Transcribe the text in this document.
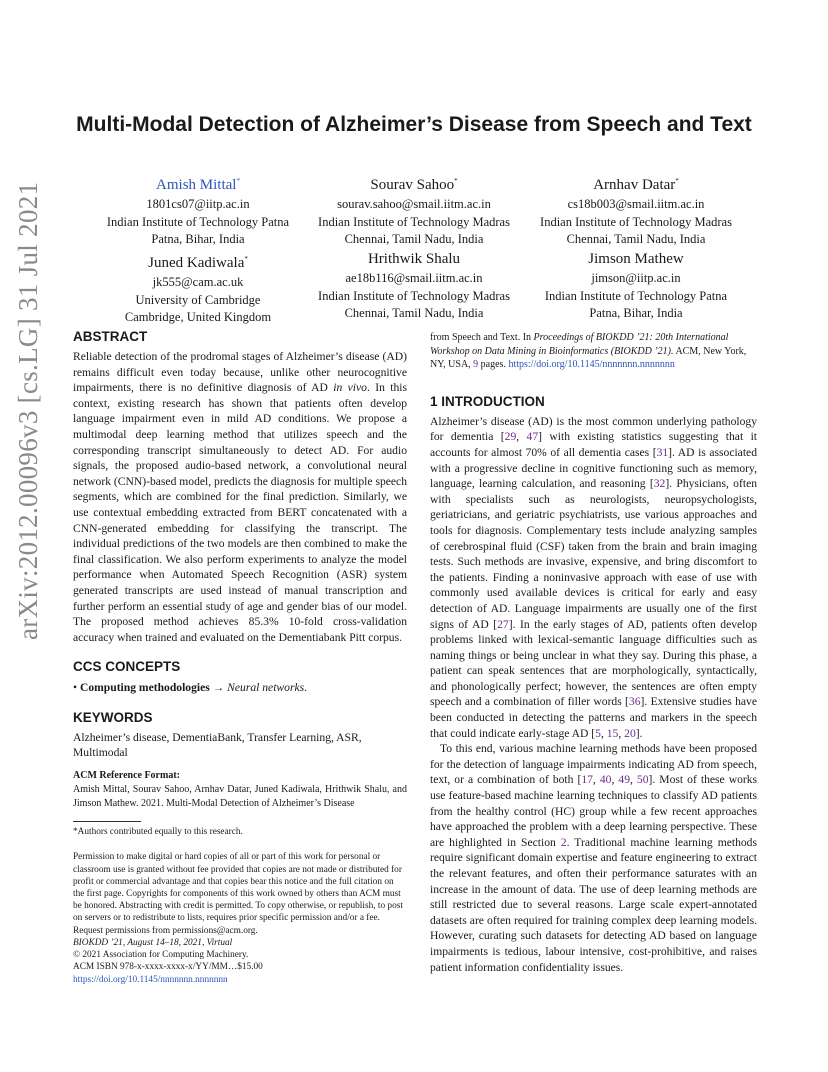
arXiv:2012.00096v3 [cs.LG] 31 Jul 2021
Multi-Modal Detection of Alzheimer’s Disease from Speech and Text
Amish Mittal*
1801cs07@iitp.ac.in
Indian Institute of Technology Patna
Patna, Bihar, India
Sourav Sahoo*
sourav.sahoo@smail.iitm.ac.in
Indian Institute of Technology Madras
Chennai, Tamil Nadu, India
Arnhav Datar*
cs18b003@smail.iitm.ac.in
Indian Institute of Technology Madras
Chennai, Tamil Nadu, India
Juned Kadiwala*
jk555@cam.ac.uk
University of Cambridge
Cambridge, United Kingdom
Hrithwik Shalu
ae18b116@smail.iitm.ac.in
Indian Institute of Technology Madras
Chennai, Tamil Nadu, India
Jimson Mathew
jimson@iitp.ac.in
Indian Institute of Technology Patna
Patna, Bihar, India
ABSTRACT

Reliable detection of the prodromal stages of Alzheimer’s disease (AD) remains difficult even today because, unlike other neurocognitive impairments, there is no definitive diagnosis of AD in vivo. In this context, existing research has shown that patients often develop language impairment even in mild AD conditions. We propose a multimodal deep learning method that utilizes speech and the corresponding transcript simultaneously to detect AD. For audio signals, the proposed audio-based network, a convolutional neural network (CNN)-based model, predicts the diagnosis for multiple speech segments, which are combined for the final prediction. Similarly, we use contextual embedding extracted from BERT concatenated with a CNN-generated embedding for classifying the transcript. The individual predictions of the two models are then combined to make the final classification. We also perform experiments to analyze the model performance when Automated Speech Recognition (ASR) system generated transcripts are used instead of manual transcription and further perform an essential study of age and gender bias of our model. The proposed method achieves 85.3% 10-fold cross-validation accuracy when trained and evaluated on the Dementiabank Pitt corpus.

CCS CONCEPTS

• Computing methodologies → Neural networks.

KEYWORDS

Alzheimer’s disease, DementiaBank, Transfer Learning, ASR, Multimodal

ACM Reference Format:

Amish Mittal, Sourav Sahoo, Arnhav Datar, Juned Kadiwala, Hrithwik Shalu, and Jimson Mathew. 2021. Multi-Modal Detection of Alzheimer’s Disease

*Authors contributed equally to this research.

Permission to make digital or hard copies of all or part of this work for personal or classroom use is granted without fee provided that copies are not made or distributed for profit or commercial advantage and that copies bear this notice and the full citation on the first page. Copyrights for components of this work owned by others than ACM must be honored. Abstracting with credit is permitted. To copy otherwise, or republish, to post on servers or to redistribute to lists, requires prior specific permission and/or a fee. Request permissions from permissions@acm.org.

BIOKDD ’21, August 14–18, 2021, Virtual

© 2021 Association for Computing Machinery.

ACM ISBN 978-x-xxxx-xxxx-x/YY/MM…$15.00

https://doi.org/10.1145/nnnnnnn.nnnnnnn

from Speech and Text. In Proceedings of BIOKDD ’21: 20th International Workshop on Data Mining in Bioinformatics (BIOKDD ’21). ACM, New York, NY, USA, 9 pages. https://doi.org/10.1145/nnnnnnn.nnnnnnn

1 INTRODUCTION

Alzheimer’s disease (AD) is the most common underlying pathology for dementia [29, 47] with existing statistics suggesting that it accounts for almost 70% of all dementia cases [31]. AD is associated with a progressive decline in cognitive functioning such as memory, language, learning calculation, and reasoning [32]. Physicians, often with specialists such as neurologists, neuropsychologists, geriatricians, and geriatric psychiatrists, use various approaches and tools for diagnosis. Complementary tests include analyzing samples of cerebrospinal fluid (CSF) taken from the brain and brain imaging tests. Such methods are invasive, expensive, and bring discomfort to the patients. Finding a noninvasive approach with ease of use with commonly used available devices is critical for early and easy detection of AD. Language impairments are usually one of the first signs of AD [27]. In the early stages of AD, patients often develop problems linked with lexical-semantic language difficulties such as naming things or being unclear in what they say. During this phase, a patient can speak sentences that are morphologically, syntactically, and phonologically perfect; however, the sentences are often empty speech and a combination of filler words [36]. Extensive studies have been conducted in detecting the patterns and markers in the speech that could indicate early-stage AD [5, 15, 20].

To this end, various machine learning methods have been proposed for the detection of language impairments indicating AD from speech, text, or a combination of both [17, 40, 49, 50]. Most of these works use feature-based machine learning techniques to classify AD patients from the healthy control (HC) group while a few recent approaches have approached the problem with a deep learning perspective. These are highlighted in Section 2. Traditional machine learning methods require significant domain expertise and feature engineering to extract the relevant features, and often their performance saturates with an increase in the amount of data. The use of deep learning methods are still restricted due to several reasons. Large scale expert-annotated datasets are often required for training complex deep learning models. However, curating such datasets for detecting AD based on language impairments is tedious, labour intensive, cost-prohibitive, and raises patient information confidentiality issues.
